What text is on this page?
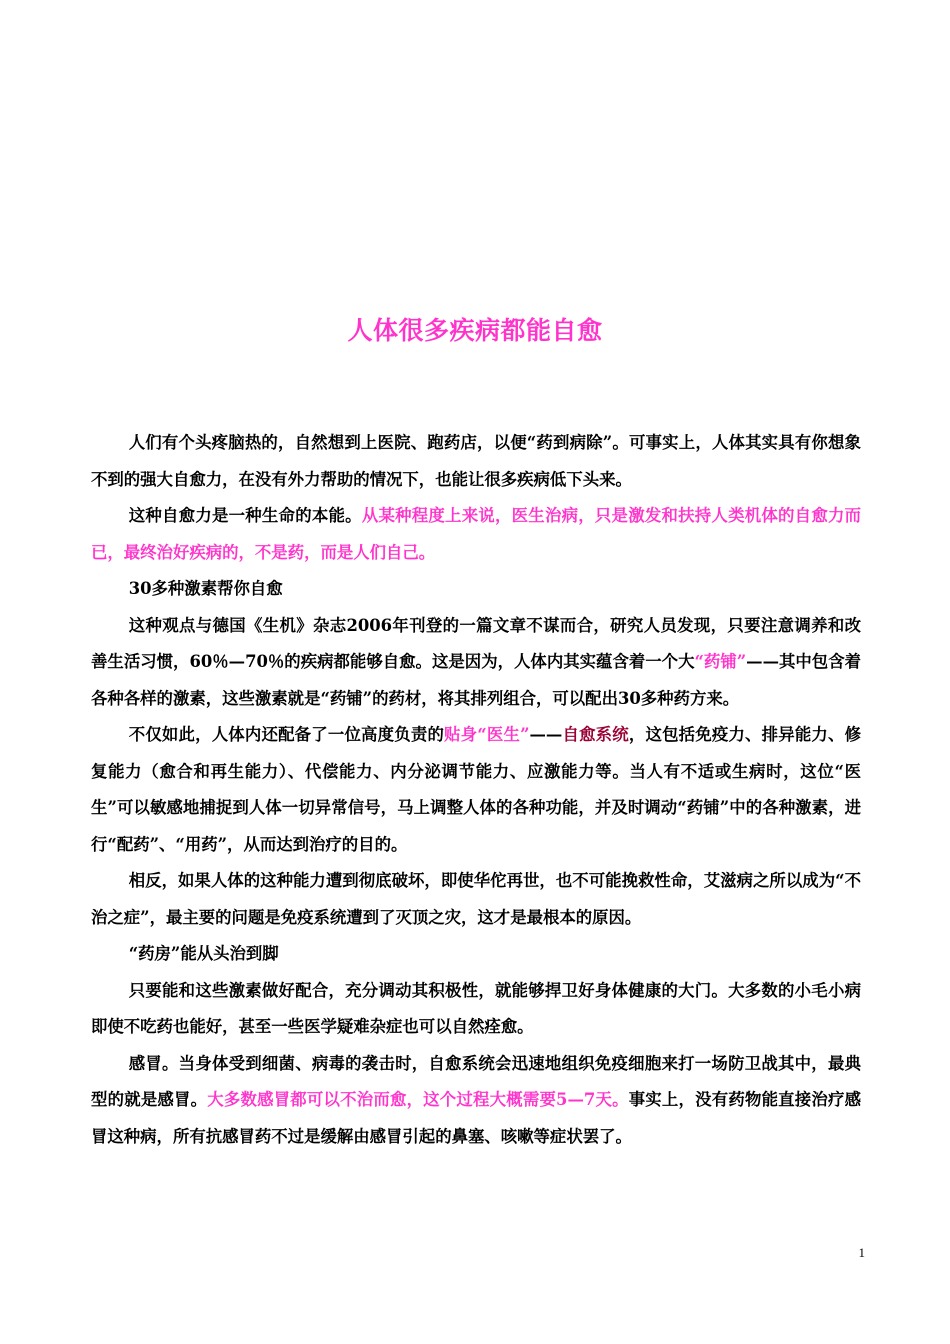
人体很多疾病都能自愈

人们有个头疼脑热的，自然想到上医院、跑药店，以便“药到病除”。可事实上，人体其实具有你想象不到的强大自愈力，在没有外力帮助的情况下，也能让很多疾病低下头来。

这种自愈力是一种生命的本能。从某种程度上来说，医生治病，只是激发和扶持人类机体的自愈力而已，最终治好疾病的，不是药，而是人们自己。

30多种激素帮你自愈

这种观点与德国《生机》杂志2006年刊登的一篇文章不谋而合，研究人员发现，只要注意调养和改善生活习惯，60％—70％的疾病都能够自愈。这是因为，人体内其实蕴含着一个大“药铺”——其中包含着各种各样的激素，这些激素就是“药铺”的药材，将其排列组合，可以配出30多种药方来。

不仅如此，人体内还配备了一位高度负责的贴身“医生”——自愈系统，这包括免疫力、排异能力、修复能力（愈合和再生能力）、代偿能力、内分泌调节能力、应激能力等。当人有不适或生病时，这位“医生”可以敏感地捕捉到人体一切异常信号，马上调整人体的各种功能，并及时调动“药铺”中的各种激素，进行“配药”、“用药”，从而达到治疗的目的。

相反，如果人体的这种能力遭到彻底破坏，即使华佗再世，也不可能挽救性命，艾滋病之所以成为“不治之症”，最主要的问题是免疫系统遭到了灭顶之灾，这才是最根本的原因。

“药房”能从头治到脚

只要能和这些激素做好配合，充分调动其积极性，就能够捍卫好身体健康的大门。大多数的小毛小病即使不吃药也能好，甚至一些医学疑难杂症也可以自然痊愈。

感冒。当身体受到细菌、病毒的袭击时，自愈系统会迅速地组织免疫细胞来打一场防卫战其中，最典型的就是感冒。大多数感冒都可以不治而愈，这个过程大概需要5—7天。事实上，没有药物能直接治疗感冒这种病，所有抗感冒药不过是缓解由感冒引起的鼻塞、咳嗽等症状罢了。

1
